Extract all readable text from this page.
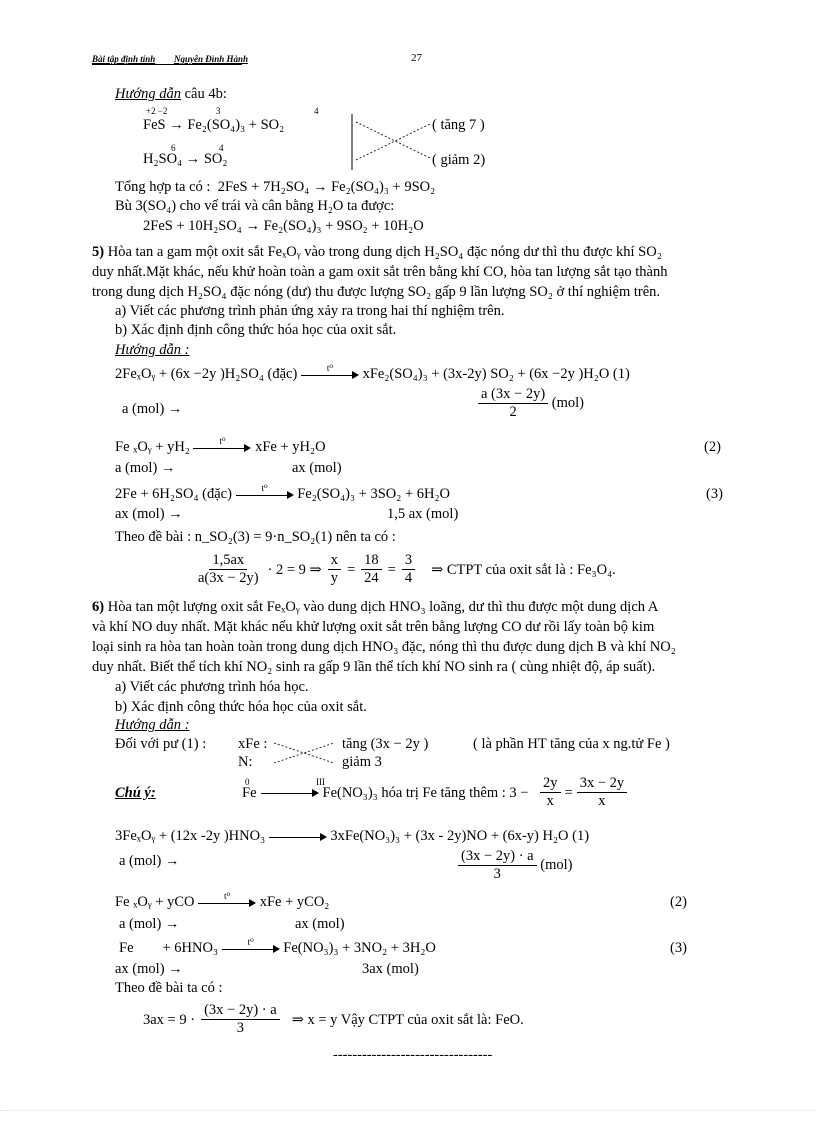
Bài tập định tính Nguyễn Đình Hành	27
Hướng dẫn câu 4b:
+2 −2	3	4
FeS → Fe₂(SO₄)₃ + SO₂
6	4
H₂SO₄ → SO₂
( tăng 7 )
( giảm 2)
Tổng hợp ta có : 2FeS + 7H₂SO₄ → Fe₂(SO₄)₃ + 9SO₂
Bù 3(SO₄) cho vế trái và cân bằng H₂O ta được:
2FeS + 10H₂SO₄ → Fe₂(SO₄)₃ + 9SO₂ + 10H₂O
5) Hòa tan a gam một oxit sắt FeₓOᵧ vào trong dung dịch H₂SO₄ đặc nóng dư thì thu được khí SO₂
duy nhất.Mặt khác, nếu khử hoàn toàn a gam oxit sắt trên bằng khí CO, hòa tan lượng sắt tạo thành
trong dung dịch H₂SO₄ đặc nóng (dư) thu được lượng SO₂ gấp 9 lần lượng SO₂ ở thí nghiệm trên.
a) Viết các phương trình phản ứng xảy ra trong hai thí nghiệm trên.
b) Xác định định công thức hóa học của oxit sắt.
Hướng dẫn :
2FeₓOᵧ + (6x −2y )H₂SO₄ (đặc)	t⁰	xFe₂(SO₄)₃ + (3x-2y) SO₂ + (6x −2y )H₂O (1)
a (mol) →	$\frac{a (3x - 2y)}{2} (mol)$
Fe ₓOᵧ + yH₂	t⁰	xFe + yH₂O	(2)
a (mol) →	ax (mol)
2Fe + 6H₂SO₄ (đặc)	t⁰	Fe₂(SO₄)₃ + 3SO₂ + 6H₂O	(3)
ax (mol) →	1,5 ax (mol)
Theo đề bài : n_SO₂(3) = 9·n_SO₂(1) nên ta có :
$\frac{1,5ax}{a(3x - 2y)} \cdot 2 = 9$ ⇒ $\frac{x}{y} = \frac{18}{24} = \frac{3}{4}$ ⇒ CTPT của oxit sắt là : Fe₃O₄.
6) Hòa tan một lượng oxit sắt FeₓOᵧ vào dung dịch HNO₃ loãng, dư thì thu được một dung dịch A
và khí NO duy nhất. Mặt khác nếu khử lượng oxit sắt trên bằng lượng CO dư rồi lấy toàn bộ kim
loại sinh ra hòa tan hoàn toàn trong dung dịch HNO₃ đặc, nóng thì thu được dung dịch B và khí NO₂
duy nhất. Biết thể tích khí NO₂ sinh ra gấp 9 lần thể tích khí NO sinh ra ( cùng nhiệt độ, áp suất).
a) Viết các phương trình hóa học.
b) Xác định công thức hóa học của oxit sắt.
Hướng dẫn :
Đối với pư (1) : xFe :
N:
tăng (3x − 2y )
giảm 3
( là phần HT tăng của x ng.tử Fe )
Chú ý:
0	III
Fe	Fe(NO₃)₃ hóa trị Fe tăng thêm : $3 - \frac{2y}{x} = \frac{3x - 2y}{x}$
3FeₓOᵧ + (12x -2y )HNO₃	3xFe(NO₃)₃ + (3x - 2y)NO + (6x-y) H₂O (1)
a (mol) →	$\frac{(3x - 2y) \cdot a}{3} (mol)$
Fe ₓOᵧ + yCO	t⁰	xFe + yCO₂	(2)
a (mol) →	ax (mol)
Fe        + 6HNO₃	t⁰	Fe(NO₃)₃ + 3NO₂ + 3H₂O	(3)
ax (mol) →	3ax (mol)
Theo đề bài ta có :
$3ax = 9 \cdot \frac{(3x - 2y) \cdot a}{3}$ ⇒ x = y Vậy CTPT của oxit sắt là: FeO.
---------------------------------
